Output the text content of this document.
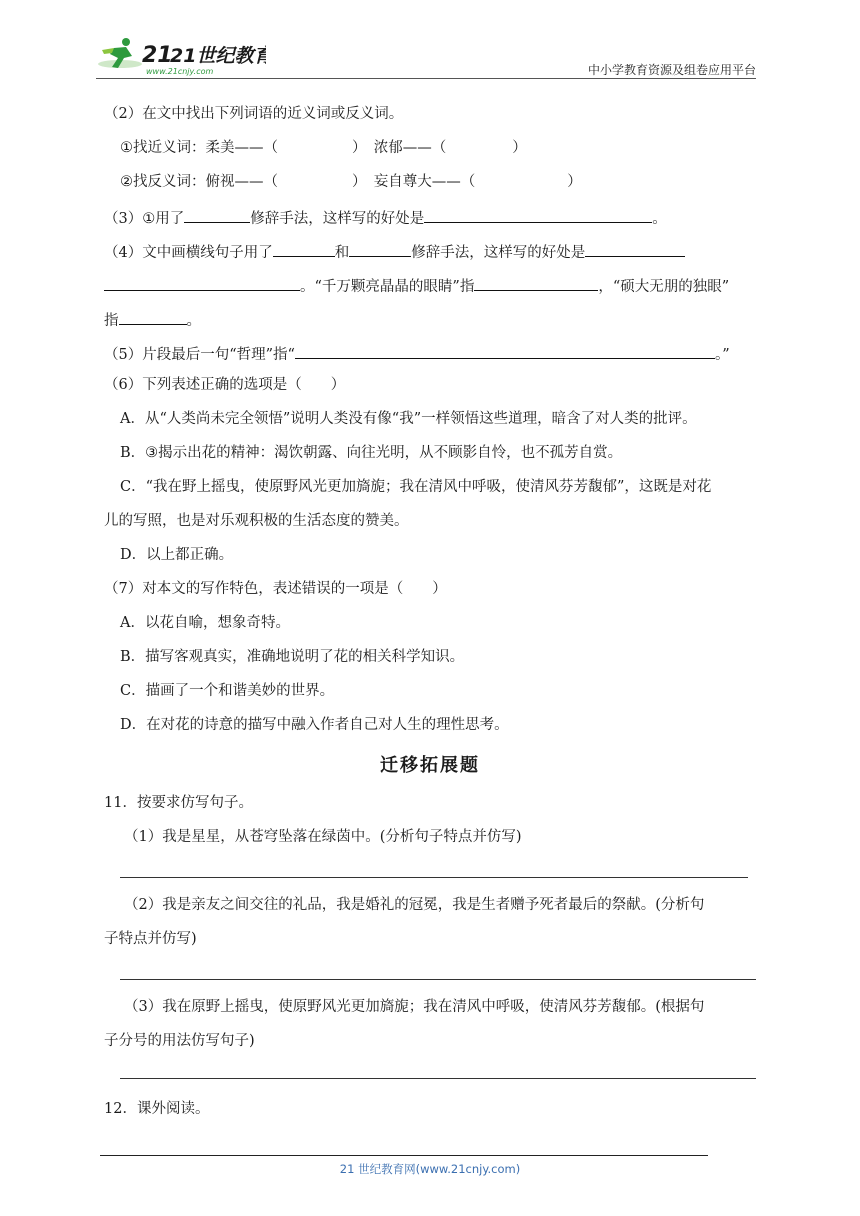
21
21世纪教育
www.21cnjy.com	中小学教育资源及组卷应用平台
（2）在文中找出下列词语的近义词或反义词。
①找近义词：柔美——（	）　浓郁——（	）
②找反义词：俯视——（	）　妄自尊大——（	）
（3）①用了	修辞手法，这样写的好处是	。
（4）文中画横线句子用了	和	修辞手法，这样写的好处是
。“千万颗亮晶晶的眼睛”指	，“硕大无朋的独眼”
指	。
（5）片段最后一句“哲理”指“	。”
（6）下列表述正确的选项是（　　）
A．从“人类尚未完全领悟”说明人类没有像“我”一样领悟这些道理，暗含了对人类的批评。
B．③揭示出花的精神：渴饮朝露、向往光明，从不顾影自怜，也不孤芳自赏。
C．“我在野上摇曳，使原野风光更加旖旎；我在清风中呼吸，使清风芬芳馥郁”，这既是对花
儿的写照，也是对乐观积极的生活态度的赞美。
D．以上都正确。
（7）对本文的写作特色，表述错误的一项是（　　）
A．以花自喻，想象奇特。
B．描写客观真实，准确地说明了花的相关科学知识。
C．描画了一个和谐美妙的世界。
D．在对花的诗意的描写中融入作者自己对人生的理性思考。
迁移拓展题
11．按要求仿写句子。
（1）我是星星，从苍穹坠落在绿茵中。(分析句子特点并仿写)
（2）我是亲友之间交往的礼品，我是婚礼的冠冕，我是生者赠予死者最后的祭献。(分析句
子特点并仿写)
（3）我在原野上摇曳，使原野风光更加旖旎；我在清风中呼吸，使清风芬芳馥郁。(根据句
子分号的用法仿写句子)
12．课外阅读。
21 世纪教育网(www.21cnjy.com)
